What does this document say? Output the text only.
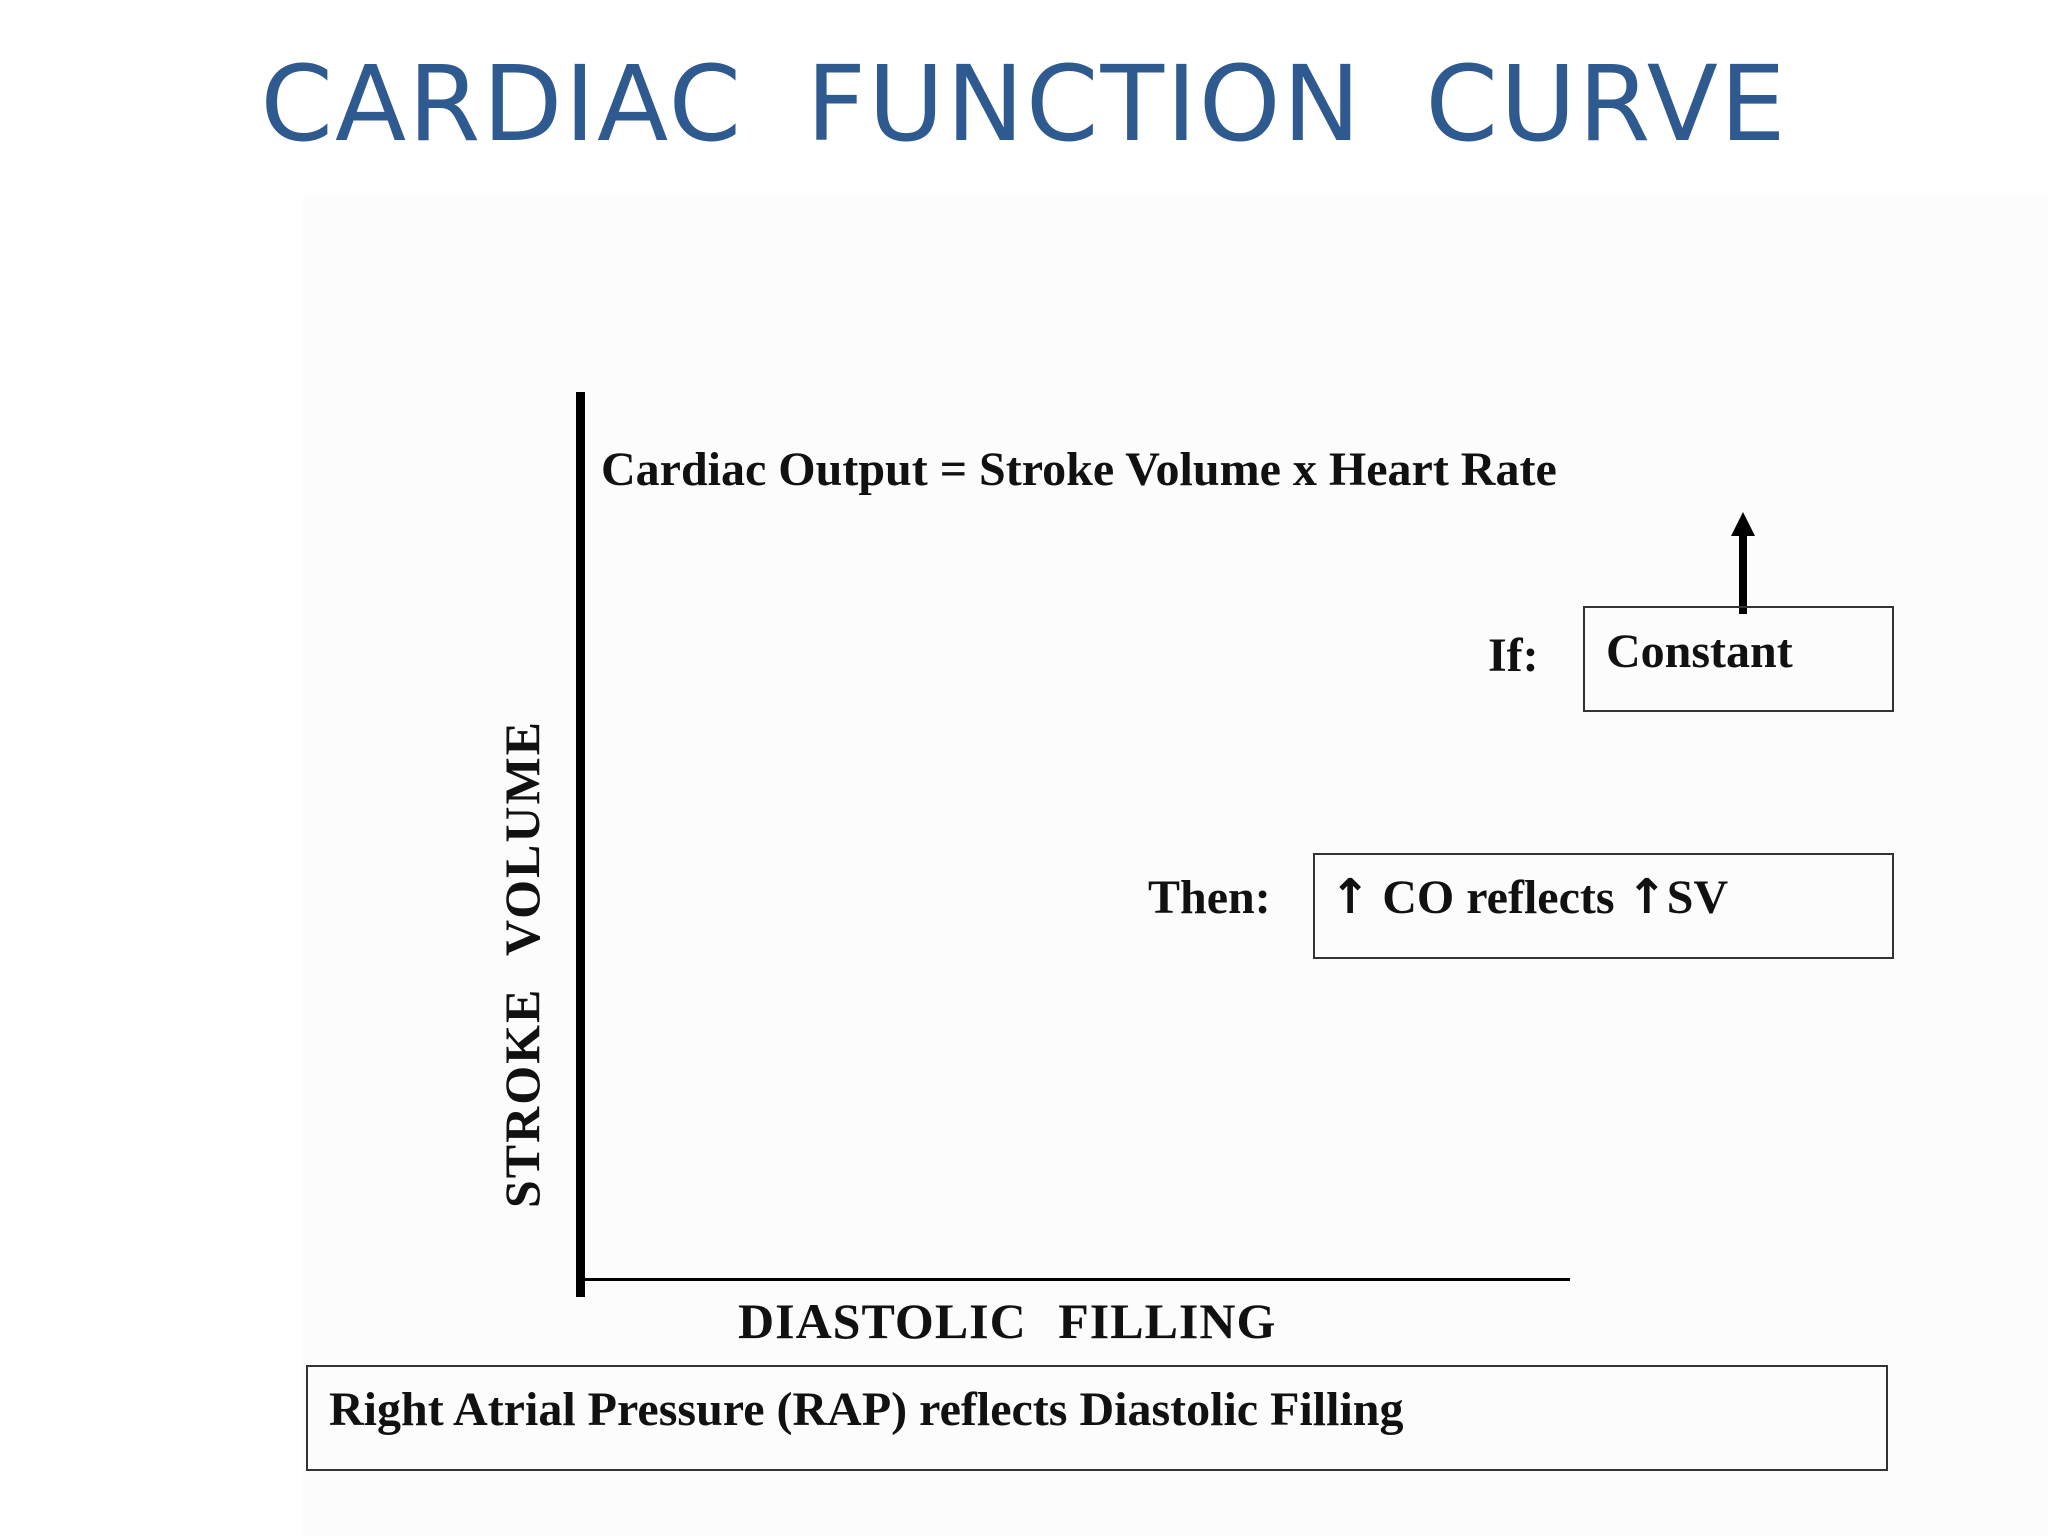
CARDIAC FUNCTION CURVE
STROKE VOLUME
DIASTOLIC FILLING
Cardiac Output = Stroke Volume x Heart Rate
If: Constant
Then: ↑ CO reflects ↑SV
Right Atrial Pressure (RAP) reflects Diastolic Filling
